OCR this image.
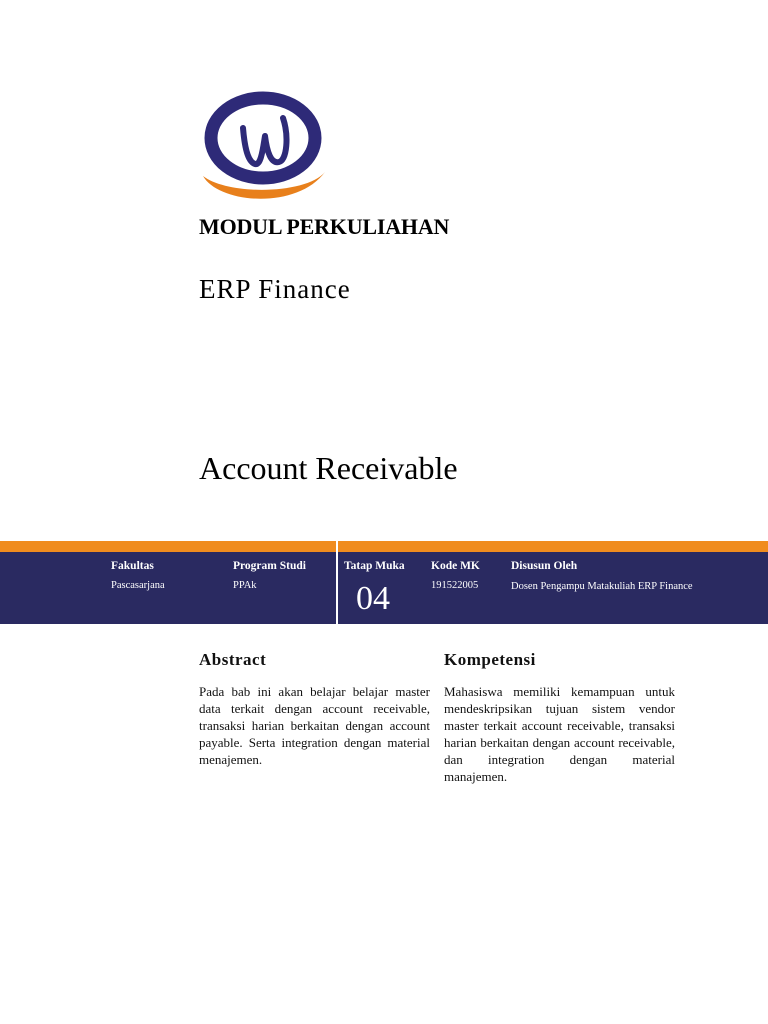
MODUL PERKULIAHAN
ERP Finance
Account Receivable
Fakultas
Pascasarjana
Program Studi
PPAk
Tatap Muka
04
Kode MK
191522005
Disusun Oleh
Dosen Pengampu Matakuliah ERP Finance
Abstract
Pada bab ini akan belajar belajar master data terkait dengan account receivable, transaksi harian berkaitan dengan account payable. Serta integration dengan material menajemen.
Kompetensi
Mahasiswa memiliki kemampuan untuk mendeskripsikan tujuan sistem vendor master terkait account receivable, transaksi harian berkaitan dengan account receivable, dan integration dengan material manajemen.
